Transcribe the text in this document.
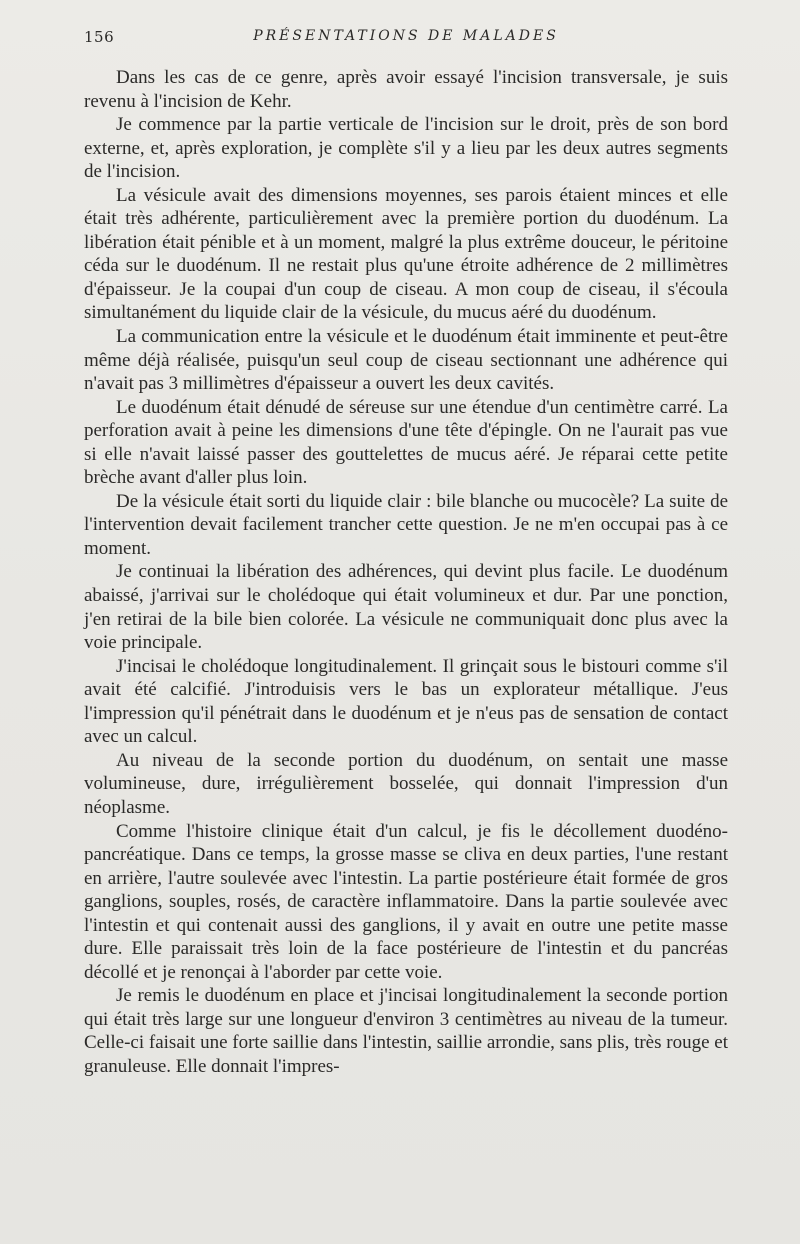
156	PRÉSENTATIONS DE MALADES

Dans les cas de ce genre, après avoir essayé l'incision transversale, je suis revenu à l'incision de Kehr.

Je commence par la partie verticale de l'incision sur le droit, près de son bord externe, et, après exploration, je complète s'il y a lieu par les deux autres segments de l'incision.

La vésicule avait des dimensions moyennes, ses parois étaient minces et elle était très adhérente, particulièrement avec la première portion du duodénum. La libération était pénible et à un moment, malgré la plus extrême douceur, le péritoine céda sur le duodénum. Il ne restait plus qu'une étroite adhérence de 2 millimètres d'épaisseur. Je la coupai d'un coup de ciseau. A mon coup de ciseau, il s'écoula simultanément du liquide clair de la vésicule, du mucus aéré du duodénum.

La communication entre la vésicule et le duodénum était imminente et peut-être même déjà réalisée, puisqu'un seul coup de ciseau sectionnant une adhérence qui n'avait pas 3 millimètres d'épaisseur a ouvert les deux cavités.

Le duodénum était dénudé de séreuse sur une étendue d'un centimètre carré. La perforation avait à peine les dimensions d'une tête d'épingle. On ne l'aurait pas vue si elle n'avait laissé passer des gouttelettes de mucus aéré. Je réparai cette petite brèche avant d'aller plus loin.

De la vésicule était sorti du liquide clair : bile blanche ou mucocèle? La suite de l'intervention devait facilement trancher cette question. Je ne m'en occupai pas à ce moment.

Je continuai la libération des adhérences, qui devint plus facile. Le duodénum abaissé, j'arrivai sur le cholédoque qui était volumineux et dur. Par une ponction, j'en retirai de la bile bien colorée. La vésicule ne communiquait donc plus avec la voie principale.

J'incisai le cholédoque longitudinalement. Il grinçait sous le bistouri comme s'il avait été calcifié. J'introduisis vers le bas un explorateur métallique. J'eus l'impression qu'il pénétrait dans le duodénum et je n'eus pas de sensation de contact avec un calcul.

Au niveau de la seconde portion du duodénum, on sentait une masse volumineuse, dure, irrégulièrement bosselée, qui donnait l'impression d'un néoplasme.

Comme l'histoire clinique était d'un calcul, je fis le décollement duodéno-pancréatique. Dans ce temps, la grosse masse se cliva en deux parties, l'une restant en arrière, l'autre soulevée avec l'intestin. La partie postérieure était formée de gros ganglions, souples, rosés, de caractère inflammatoire. Dans la partie soulevée avec l'intestin et qui contenait aussi des ganglions, il y avait en outre une petite masse dure. Elle paraissait très loin de la face postérieure de l'intestin et du pancréas décollé et je renonçai à l'aborder par cette voie.

Je remis le duodénum en place et j'incisai longitudinalement la seconde portion qui était très large sur une longueur d'environ 3 centimètres au niveau de la tumeur. Celle-ci faisait une forte saillie dans l'intestin, saillie arrondie, sans plis, très rouge et granuleuse. Elle donnait l'impres-
